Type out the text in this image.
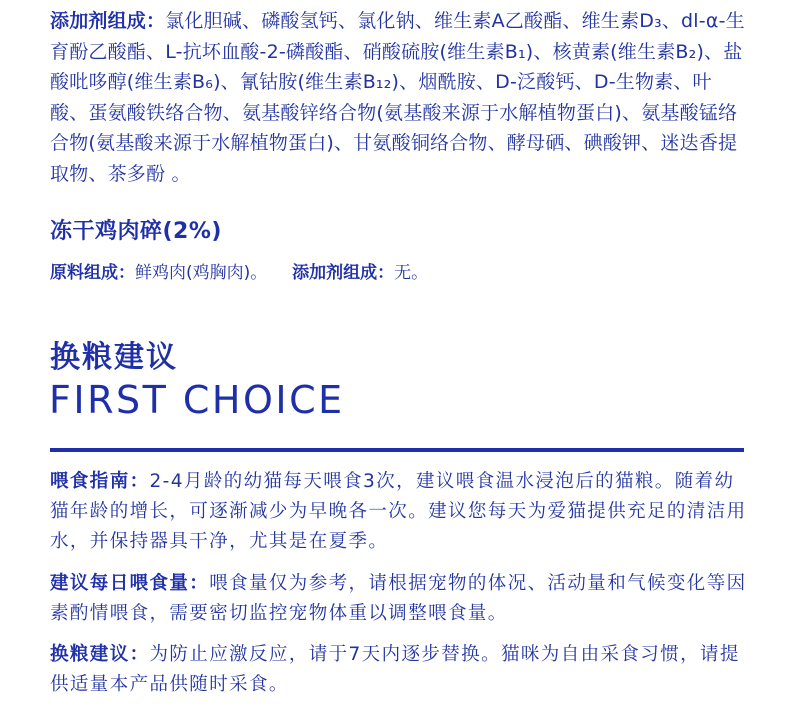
添加剂组成：氯化胆碱、磷酸氢钙、氯化钠、维生素A乙酸酯、维生素D₃、dl-α-生育酚乙酸酯、L-抗坏血酸-2-磷酸酯、硝酸硫胺(维生素B₁)、核黄素(维生素B₂)、盐酸吡哆醇(维生素B₆)、氰钴胺(维生素B₁₂)、烟酰胺、D-泛酸钙、D-生物素、叶酸、蛋氨酸铁络合物、氨基酸锌络合物(氨基酸来源于水解植物蛋白)、氨基酸锰络合物(氨基酸来源于水解植物蛋白)、甘氨酸铜络合物、酵母硒、碘酸钾、迷迭香提取物、茶多酚 。

冻干鸡肉碎(2%)
原料组成：鲜鸡肉(鸡胸肉)。 添加剂组成：无。
换粮建议
FIRST CHOICE

喂食指南：2-4月龄的幼猫每天喂食3次，建议喂食温水浸泡后的猫粮。随着幼猫年龄的增长，可逐渐减少为早晚各一次。建议您每天为爱猫提供充足的清洁用水，并保持器具干净，尤其是在夏季。

建议每日喂食量：喂食量仅为参考，请根据宠物的体况、活动量和气候变化等因素酌情喂食，需要密切监控宠物体重以调整喂食量。

换粮建议：为防止应激反应，请于7天内逐步替换。猫咪为自由采食习惯，请提供适量本产品供随时采食。
